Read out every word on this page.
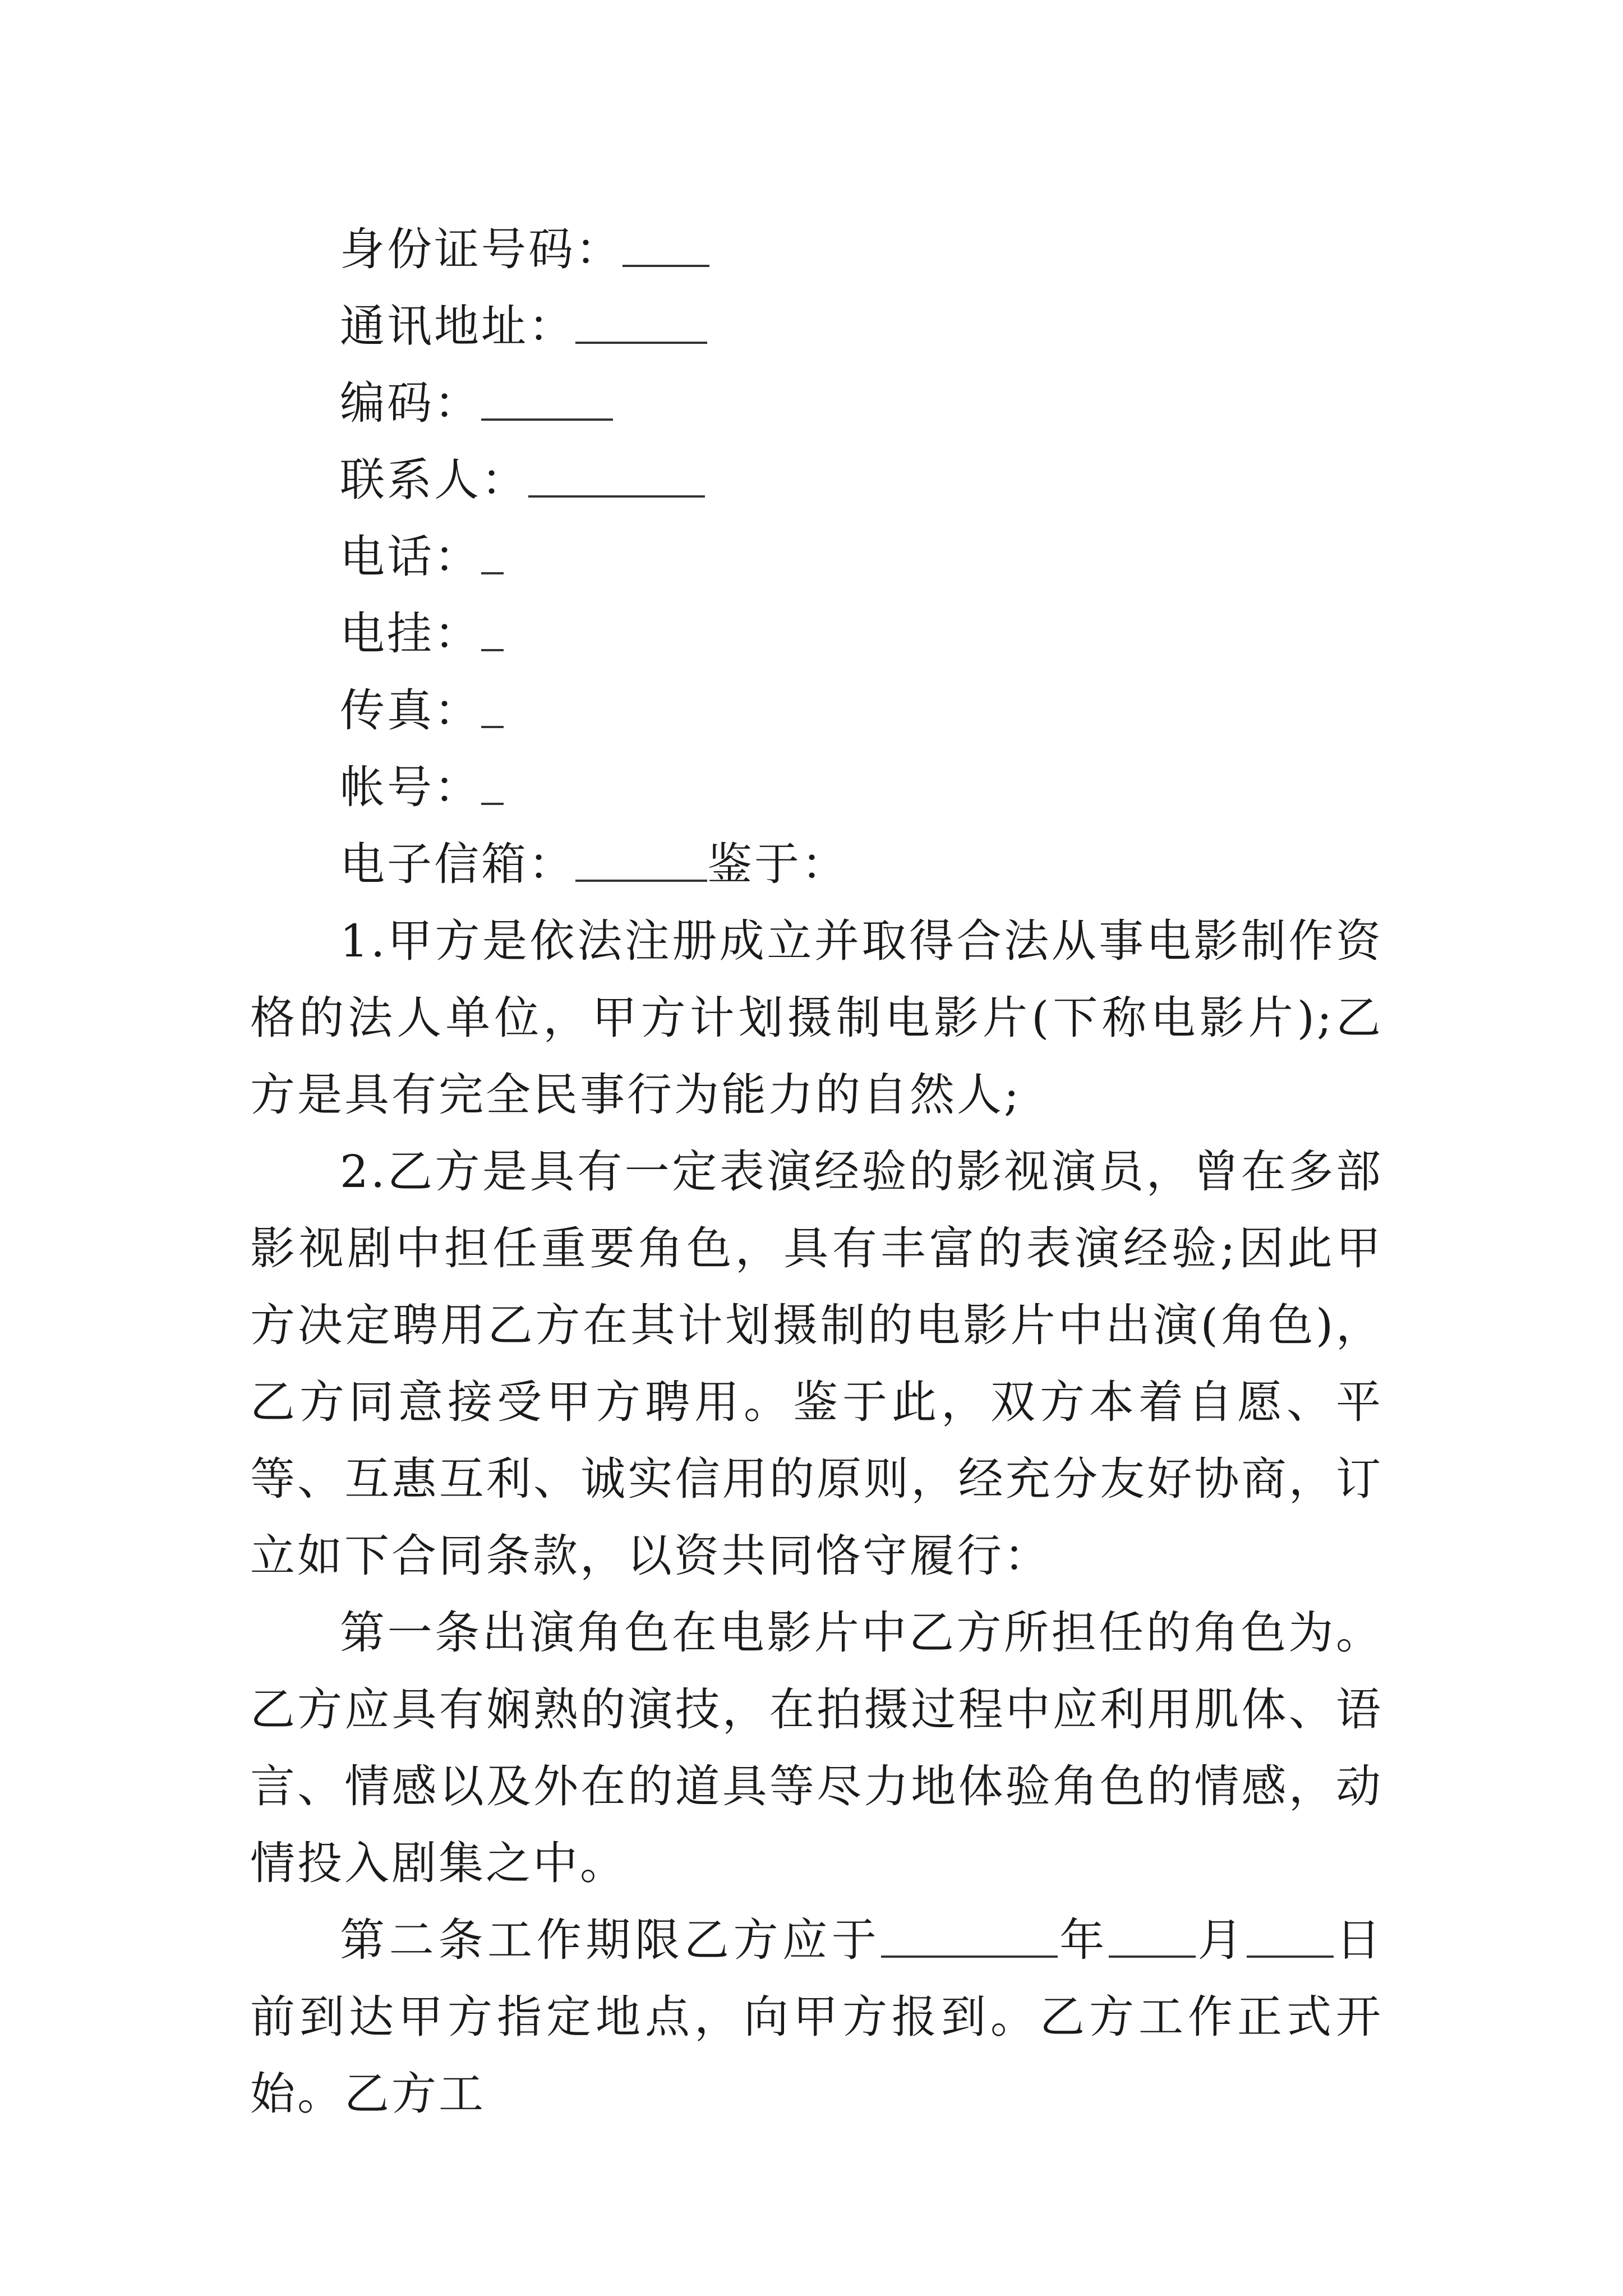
身份证号码：

通讯地址：

编码：

联系人：

电话：

电挂：

传真：

帐号：

电子信箱：	鉴于：

1.甲方是依法注册成立并取得合法从事电影制作资格的法人单位，甲方计划摄制电影片(下称电影片);乙方是具有完全民事行为能力的自然人;

2.乙方是具有一定表演经验的影视演员，曾在多部影视剧中担任重要角色，具有丰富的表演经验;因此甲方决定聘用乙方在其计划摄制的电影片中出演(角色)，乙方同意接受甲方聘用。鉴于此，双方本着自愿、平等、互惠互利、诚实信用的原则，经充分友好协商，订立如下合同条款，以资共同恪守履行：

第一条出演角色在电影片中乙方所担任的角色为。乙方应具有娴熟的演技，在拍摄过程中应利用肌体、语言、情感以及外在的道具等尽力地体验角色的情感，动情投入剧集之中。

第二条工作期限乙方应于	年 月 日前到达甲方指定地点，向甲方报到。乙方工作正式开始。乙方工
